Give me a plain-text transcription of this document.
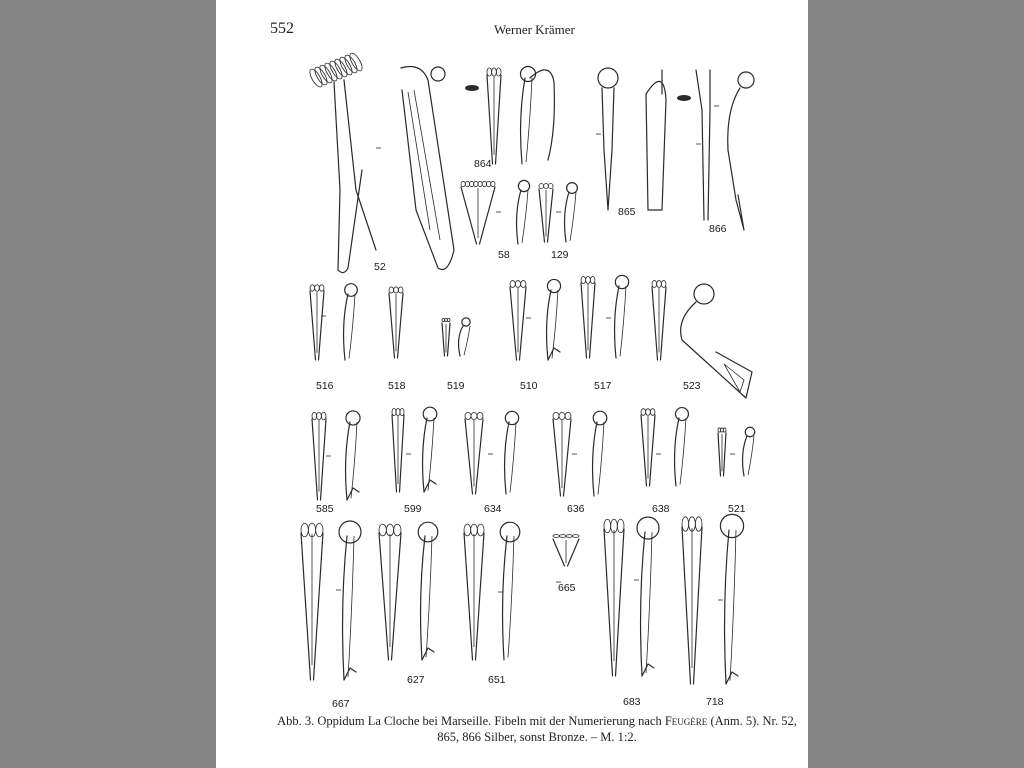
552	Werner Krämer
52
864
58	129
865
866
516	518	519	510	517	523
585	599	634	636	638	521
667
627	651
665
683	718
Abb. 3. Oppidum La Cloche bei Marseille. Fibeln mit der Numerierung nach Feugère (Anm. 5). Nr. 52,
865, 866 Silber, sonst Bronze. – M. 1:2.
